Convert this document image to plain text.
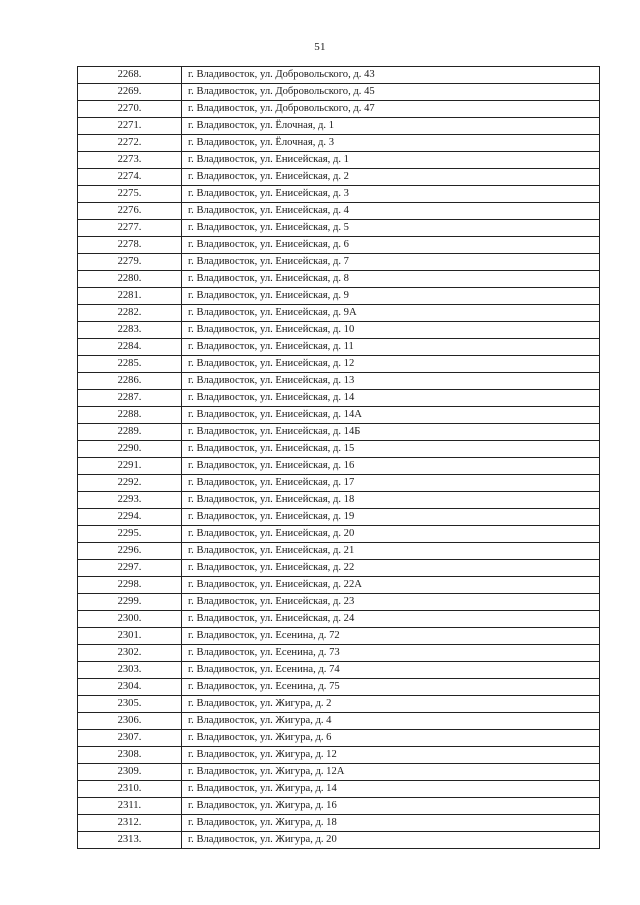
51
2268.	г. Владивосток, ул. Добровольского, д. 43
2269.	г. Владивосток, ул. Добровольского, д. 45
2270.	г. Владивосток, ул. Добровольского, д. 47
2271.	г. Владивосток, ул. Ёлочная, д. 1
2272.	г. Владивосток, ул. Ёлочная, д. 3
2273.	г. Владивосток, ул. Енисейская, д. 1
2274.	г. Владивосток, ул. Енисейская, д. 2
2275.	г. Владивосток, ул. Енисейская, д. 3
2276.	г. Владивосток, ул. Енисейская, д. 4
2277.	г. Владивосток, ул. Енисейская, д. 5
2278.	г. Владивосток, ул. Енисейская, д. 6
2279.	г. Владивосток, ул. Енисейская, д. 7
2280.	г. Владивосток, ул. Енисейская, д. 8
2281.	г. Владивосток, ул. Енисейская, д. 9
2282.	г. Владивосток, ул. Енисейская, д. 9А
2283.	г. Владивосток, ул. Енисейская, д. 10
2284.	г. Владивосток, ул. Енисейская, д. 11
2285.	г. Владивосток, ул. Енисейская, д. 12
2286.	г. Владивосток, ул. Енисейская, д. 13
2287.	г. Владивосток, ул. Енисейская, д. 14
2288.	г. Владивосток, ул. Енисейская, д. 14А
2289.	г. Владивосток, ул. Енисейская, д. 14Б
2290.	г. Владивосток, ул. Енисейская, д. 15
2291.	г. Владивосток, ул. Енисейская, д. 16
2292.	г. Владивосток, ул. Енисейская, д. 17
2293.	г. Владивосток, ул. Енисейская, д. 18
2294.	г. Владивосток, ул. Енисейская, д. 19
2295.	г. Владивосток, ул. Енисейская, д. 20
2296.	г. Владивосток, ул. Енисейская, д. 21
2297.	г. Владивосток, ул. Енисейская, д. 22
2298.	г. Владивосток, ул. Енисейская, д. 22А
2299.	г. Владивосток, ул. Енисейская, д. 23
2300.	г. Владивосток, ул. Енисейская, д. 24
2301.	г. Владивосток, ул. Есенина, д. 72
2302.	г. Владивосток, ул. Есенина, д. 73
2303.	г. Владивосток, ул. Есенина, д. 74
2304.	г. Владивосток, ул. Есенина, д. 75
2305.	г. Владивосток, ул. Жигура, д. 2
2306.	г. Владивосток, ул. Жигура, д. 4
2307.	г. Владивосток, ул. Жигура, д. 6
2308.	г. Владивосток, ул. Жигура, д. 12
2309.	г. Владивосток, ул. Жигура, д. 12А
2310.	г. Владивосток, ул. Жигура, д. 14
2311.	г. Владивосток, ул. Жигура, д. 16
2312.	г. Владивосток, ул. Жигура, д. 18
2313.	г. Владивосток, ул. Жигура, д. 20
